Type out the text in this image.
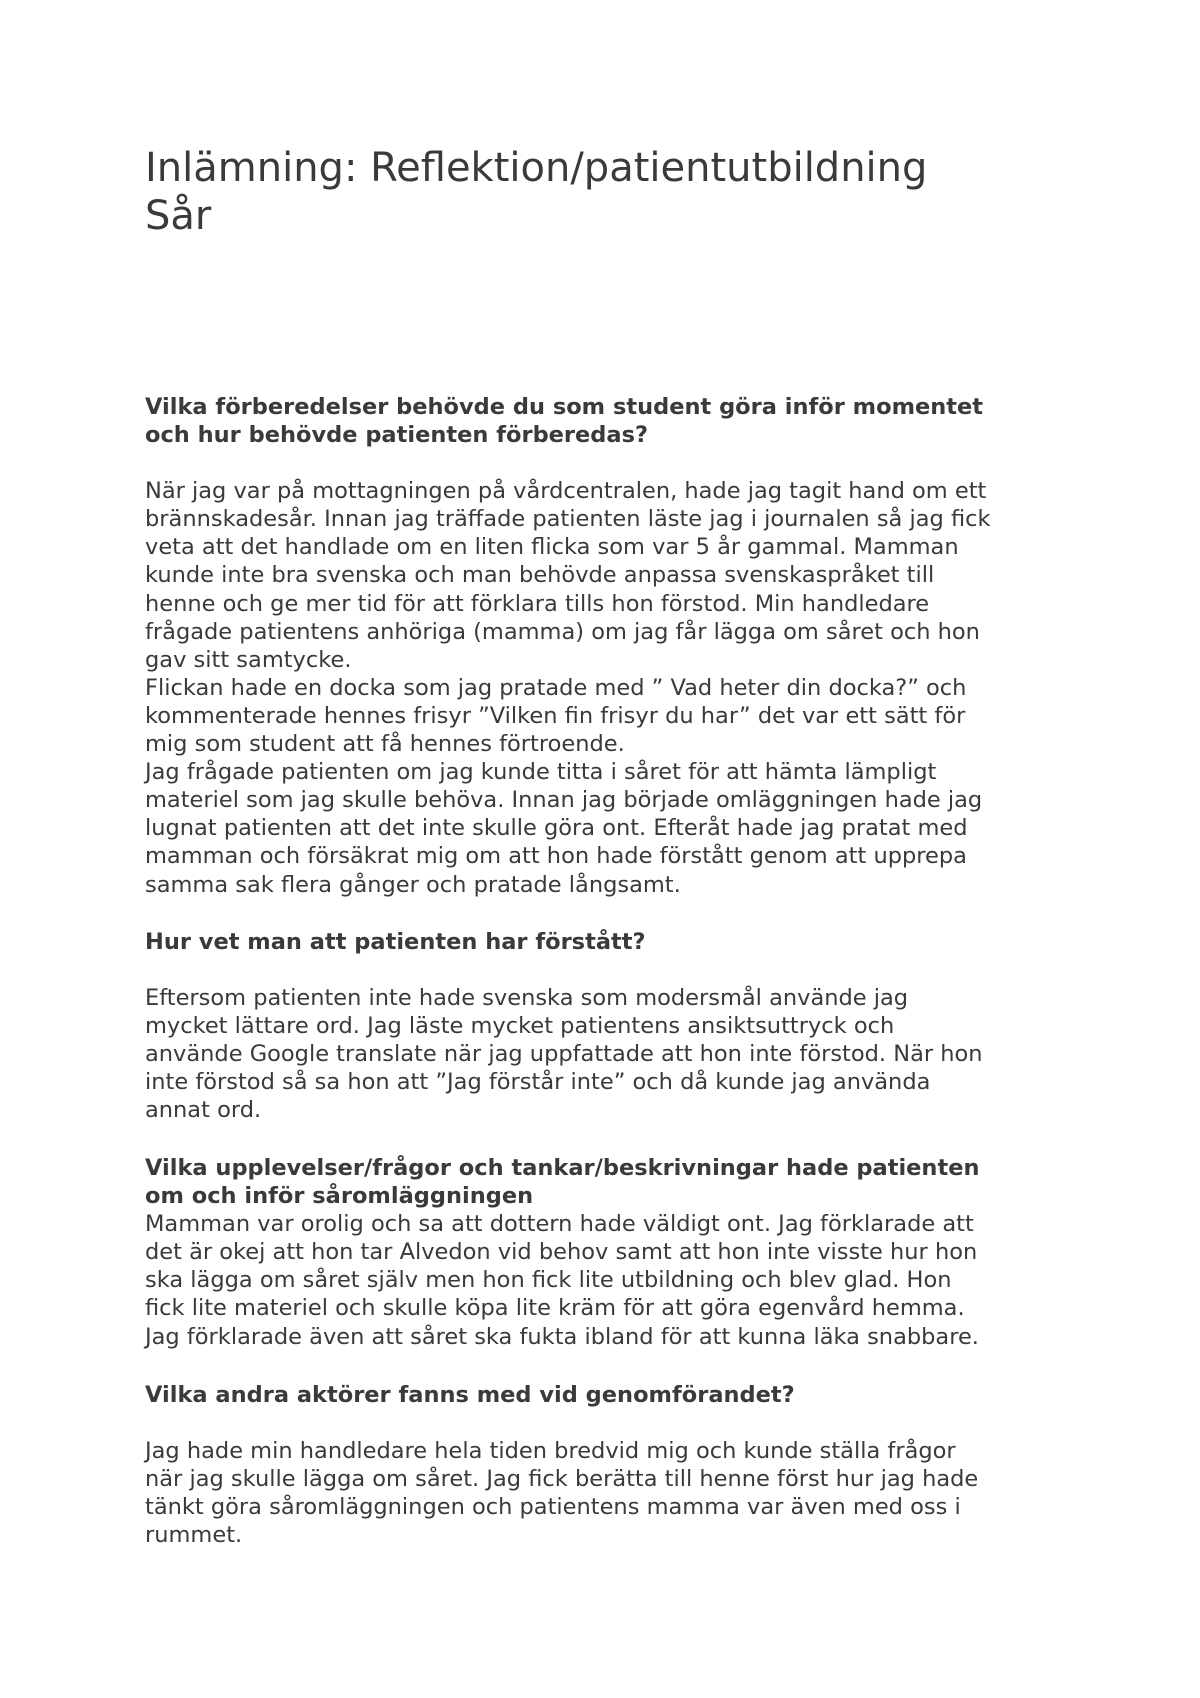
Inlämning: Reflektion/patientutbildning
Sår
Vilka förberedelser behövde du som student göra inför momentet
och hur behövde patienten förberedas?
När jag var på mottagningen på vårdcentralen, hade jag tagit hand om ett
brännskadesår. Innan jag träffade patienten läste jag i journalen så jag fick
veta att det handlade om en liten flicka som var 5 år gammal. Mamman
kunde inte bra svenska och man behövde anpassa svenskaspråket till
henne och ge mer tid för att förklara tills hon förstod. Min handledare
frågade patientens anhöriga (mamma) om jag får lägga om såret och hon
gav sitt samtycke.
Flickan hade en docka som jag pratade med ” Vad heter din docka?” och
kommenterade hennes frisyr ”Vilken fin frisyr du har” det var ett sätt för
mig som student att få hennes förtroende.
Jag frågade patienten om jag kunde titta i såret för att hämta lämpligt
materiel som jag skulle behöva. Innan jag började omläggningen hade jag
lugnat patienten att det inte skulle göra ont. Efteråt hade jag pratat med
mamman och försäkrat mig om att hon hade förstått genom att upprepa
samma sak flera gånger och pratade långsamt.
Hur vet man att patienten har förstått?
Eftersom patienten inte hade svenska som modersmål använde jag
mycket lättare ord. Jag läste mycket patientens ansiktsuttryck och
använde Google translate när jag uppfattade att hon inte förstod. När hon
inte förstod så sa hon att ”Jag förstår inte” och då kunde jag använda
annat ord.
Vilka upplevelser/frågor och tankar/beskrivningar hade patienten
om och inför såromläggningen
Mamman var orolig och sa att dottern hade väldigt ont. Jag förklarade att
det är okej att hon tar Alvedon vid behov samt att hon inte visste hur hon
ska lägga om såret själv men hon fick lite utbildning och blev glad. Hon
fick lite materiel och skulle köpa lite kräm för att göra egenvård hemma.
Jag förklarade även att såret ska fukta ibland för att kunna läka snabbare.
Vilka andra aktörer fanns med vid genomförandet?
Jag hade min handledare hela tiden bredvid mig och kunde ställa frågor
när jag skulle lägga om såret. Jag fick berätta till henne först hur jag hade
tänkt göra såromläggningen och patientens mamma var även med oss i
rummet.
